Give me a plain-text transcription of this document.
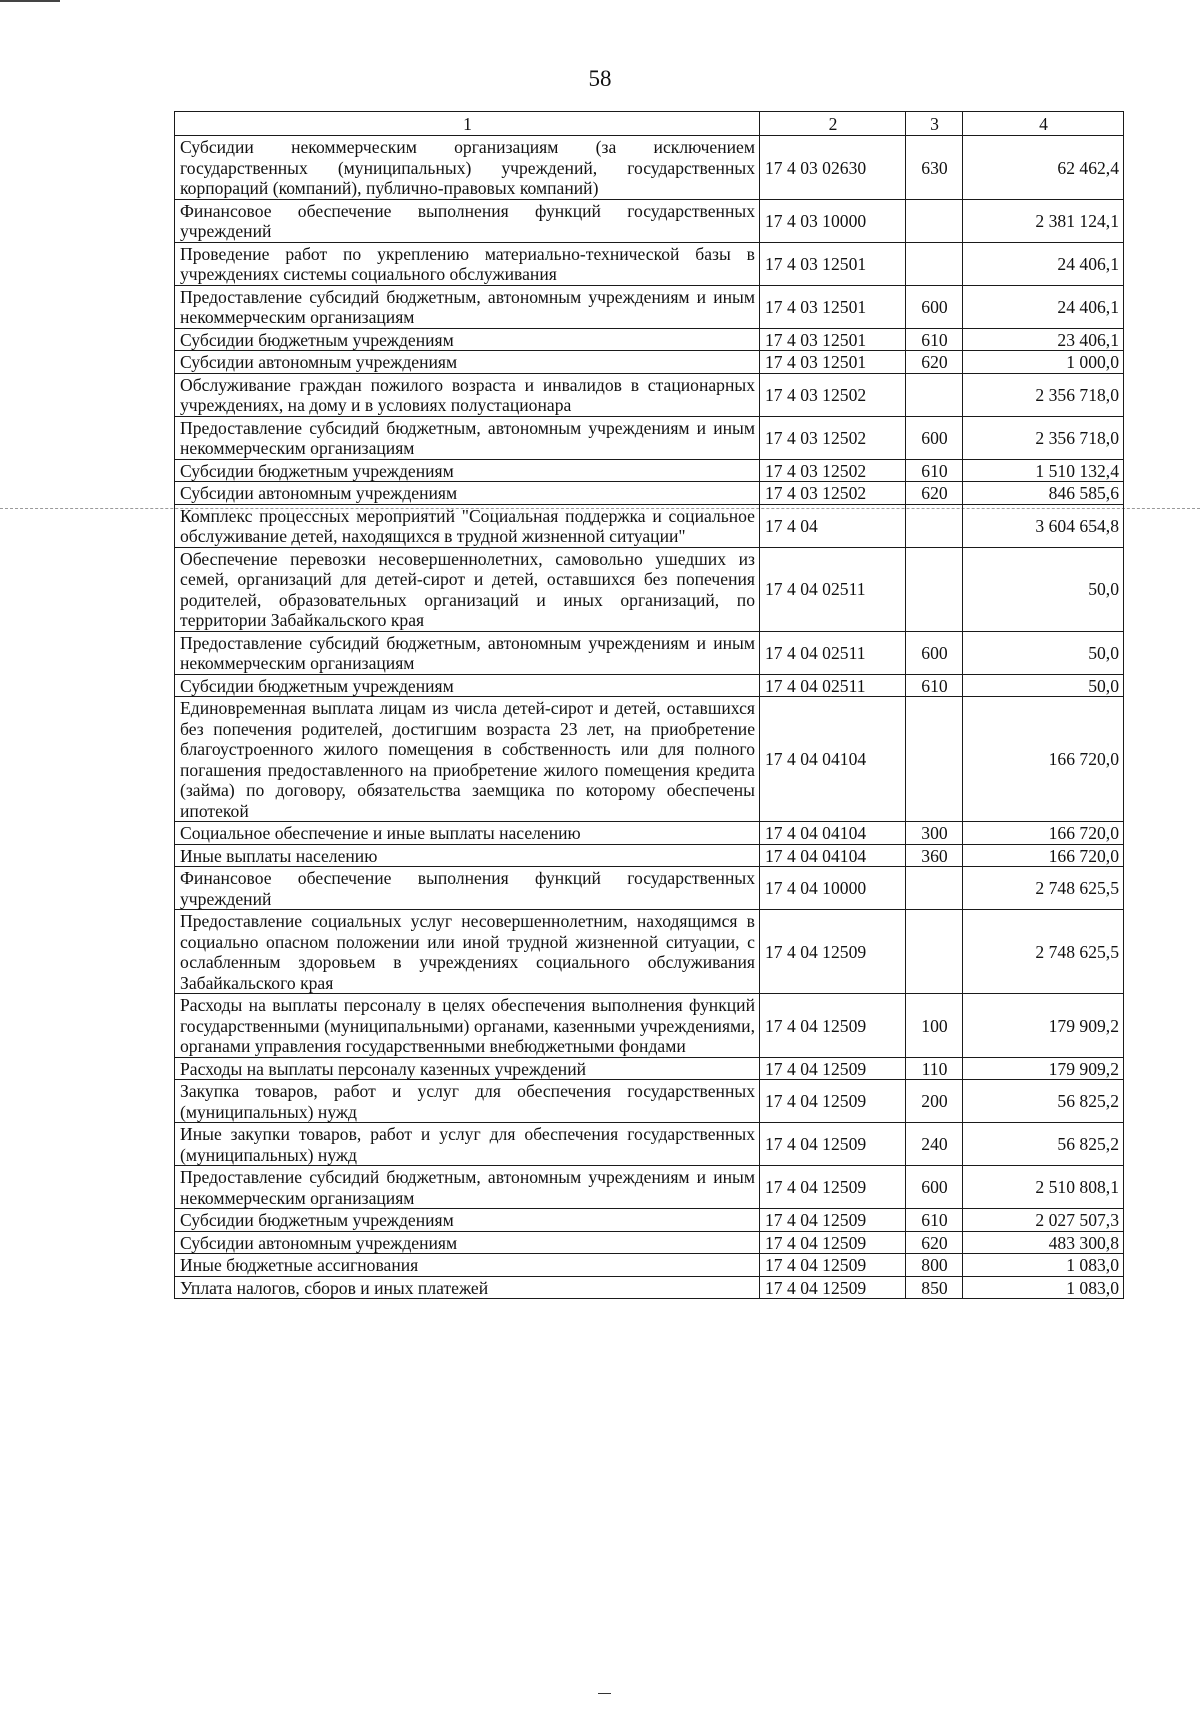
58
1	2	3	4
Субсидии некоммерческим организациям (за исключением государственных (муниципальных) учреждений, государственных корпораций (компаний), публично-правовых компаний)	17 4 03 02630	630	62 462,4
Финансовое обеспечение выполнения функций государственных учреждений	17 4 03 10000		2 381 124,1
Проведение работ по укреплению материально-технической базы в учреждениях системы социального обслуживания	17 4 03 12501		24 406,1
Предоставление субсидий бюджетным, автономным учреждениям и иным некоммерческим организациям	17 4 03 12501	600	24 406,1
Субсидии бюджетным учреждениям	17 4 03 12501	610	23 406,1
Субсидии автономным учреждениям	17 4 03 12501	620	1 000,0
Обслуживание граждан пожилого возраста и инвалидов в стационарных учреждениях, на дому и в условиях полустационара	17 4 03 12502		2 356 718,0
Предоставление субсидий бюджетным, автономным учреждениям и иным некоммерческим организациям	17 4 03 12502	600	2 356 718,0
Субсидии бюджетным учреждениям	17 4 03 12502	610	1 510 132,4
Субсидии автономным учреждениям	17 4 03 12502	620	846 585,6
Комплекс процессных мероприятий "Социальная поддержка и социальное обслуживание детей, находящихся в трудной жизненной ситуации"	17 4 04		3 604 654,8
Обеспечение перевозки несовершеннолетних, самовольно ушедших из семей, организаций для детей-сирот и детей, оставшихся без попечения родителей, образовательных организаций и иных организаций, по территории Забайкальского края	17 4 04 02511		50,0
Предоставление субсидий бюджетным, автономным учреждениям и иным некоммерческим организациям	17 4 04 02511	600	50,0
Субсидии бюджетным учреждениям	17 4 04 02511	610	50,0
Единовременная выплата лицам из числа детей-сирот и детей, оставшихся без попечения родителей, достигшим возраста 23 лет, на приобретение благоустроенного жилого помещения в собственность или для полного погашения предоставленного на приобретение жилого помещения кредита (займа) по договору, обязательства заемщика по которому обеспечены ипотекой	17 4 04 04104		166 720,0
Социальное обеспечение и иные выплаты населению	17 4 04 04104	300	166 720,0
Иные выплаты населению	17 4 04 04104	360	166 720,0
Финансовое обеспечение выполнения функций государственных учреждений	17 4 04 10000		2 748 625,5
Предоставление социальных услуг несовершеннолетним, находящимся в социально опасном положении или иной трудной жизненной ситуации, с ослабленным здоровьем в учреждениях социального обслуживания Забайкальского края	17 4 04 12509		2 748 625,5
Расходы на выплаты персоналу в целях обеспечения выполнения функций государственными (муниципальными) органами, казенными учреждениями, органами управления государственными внебюджетными фондами	17 4 04 12509	100	179 909,2
Расходы на выплаты персоналу казенных учреждений	17 4 04 12509	110	179 909,2
Закупка товаров, работ и услуг для обеспечения государственных (муниципальных) нужд	17 4 04 12509	200	56 825,2
Иные закупки товаров, работ и услуг для обеспечения государственных (муниципальных) нужд	17 4 04 12509	240	56 825,2
Предоставление субсидий бюджетным, автономным учреждениям и иным некоммерческим организациям	17 4 04 12509	600	2 510 808,1
Субсидии бюджетным учреждениям	17 4 04 12509	610	2 027 507,3
Субсидии автономным учреждениям	17 4 04 12509	620	483 300,8
Иные бюджетные ассигнования	17 4 04 12509	800	1 083,0
Уплата налогов, сборов и иных платежей	17 4 04 12509	850	1 083,0
